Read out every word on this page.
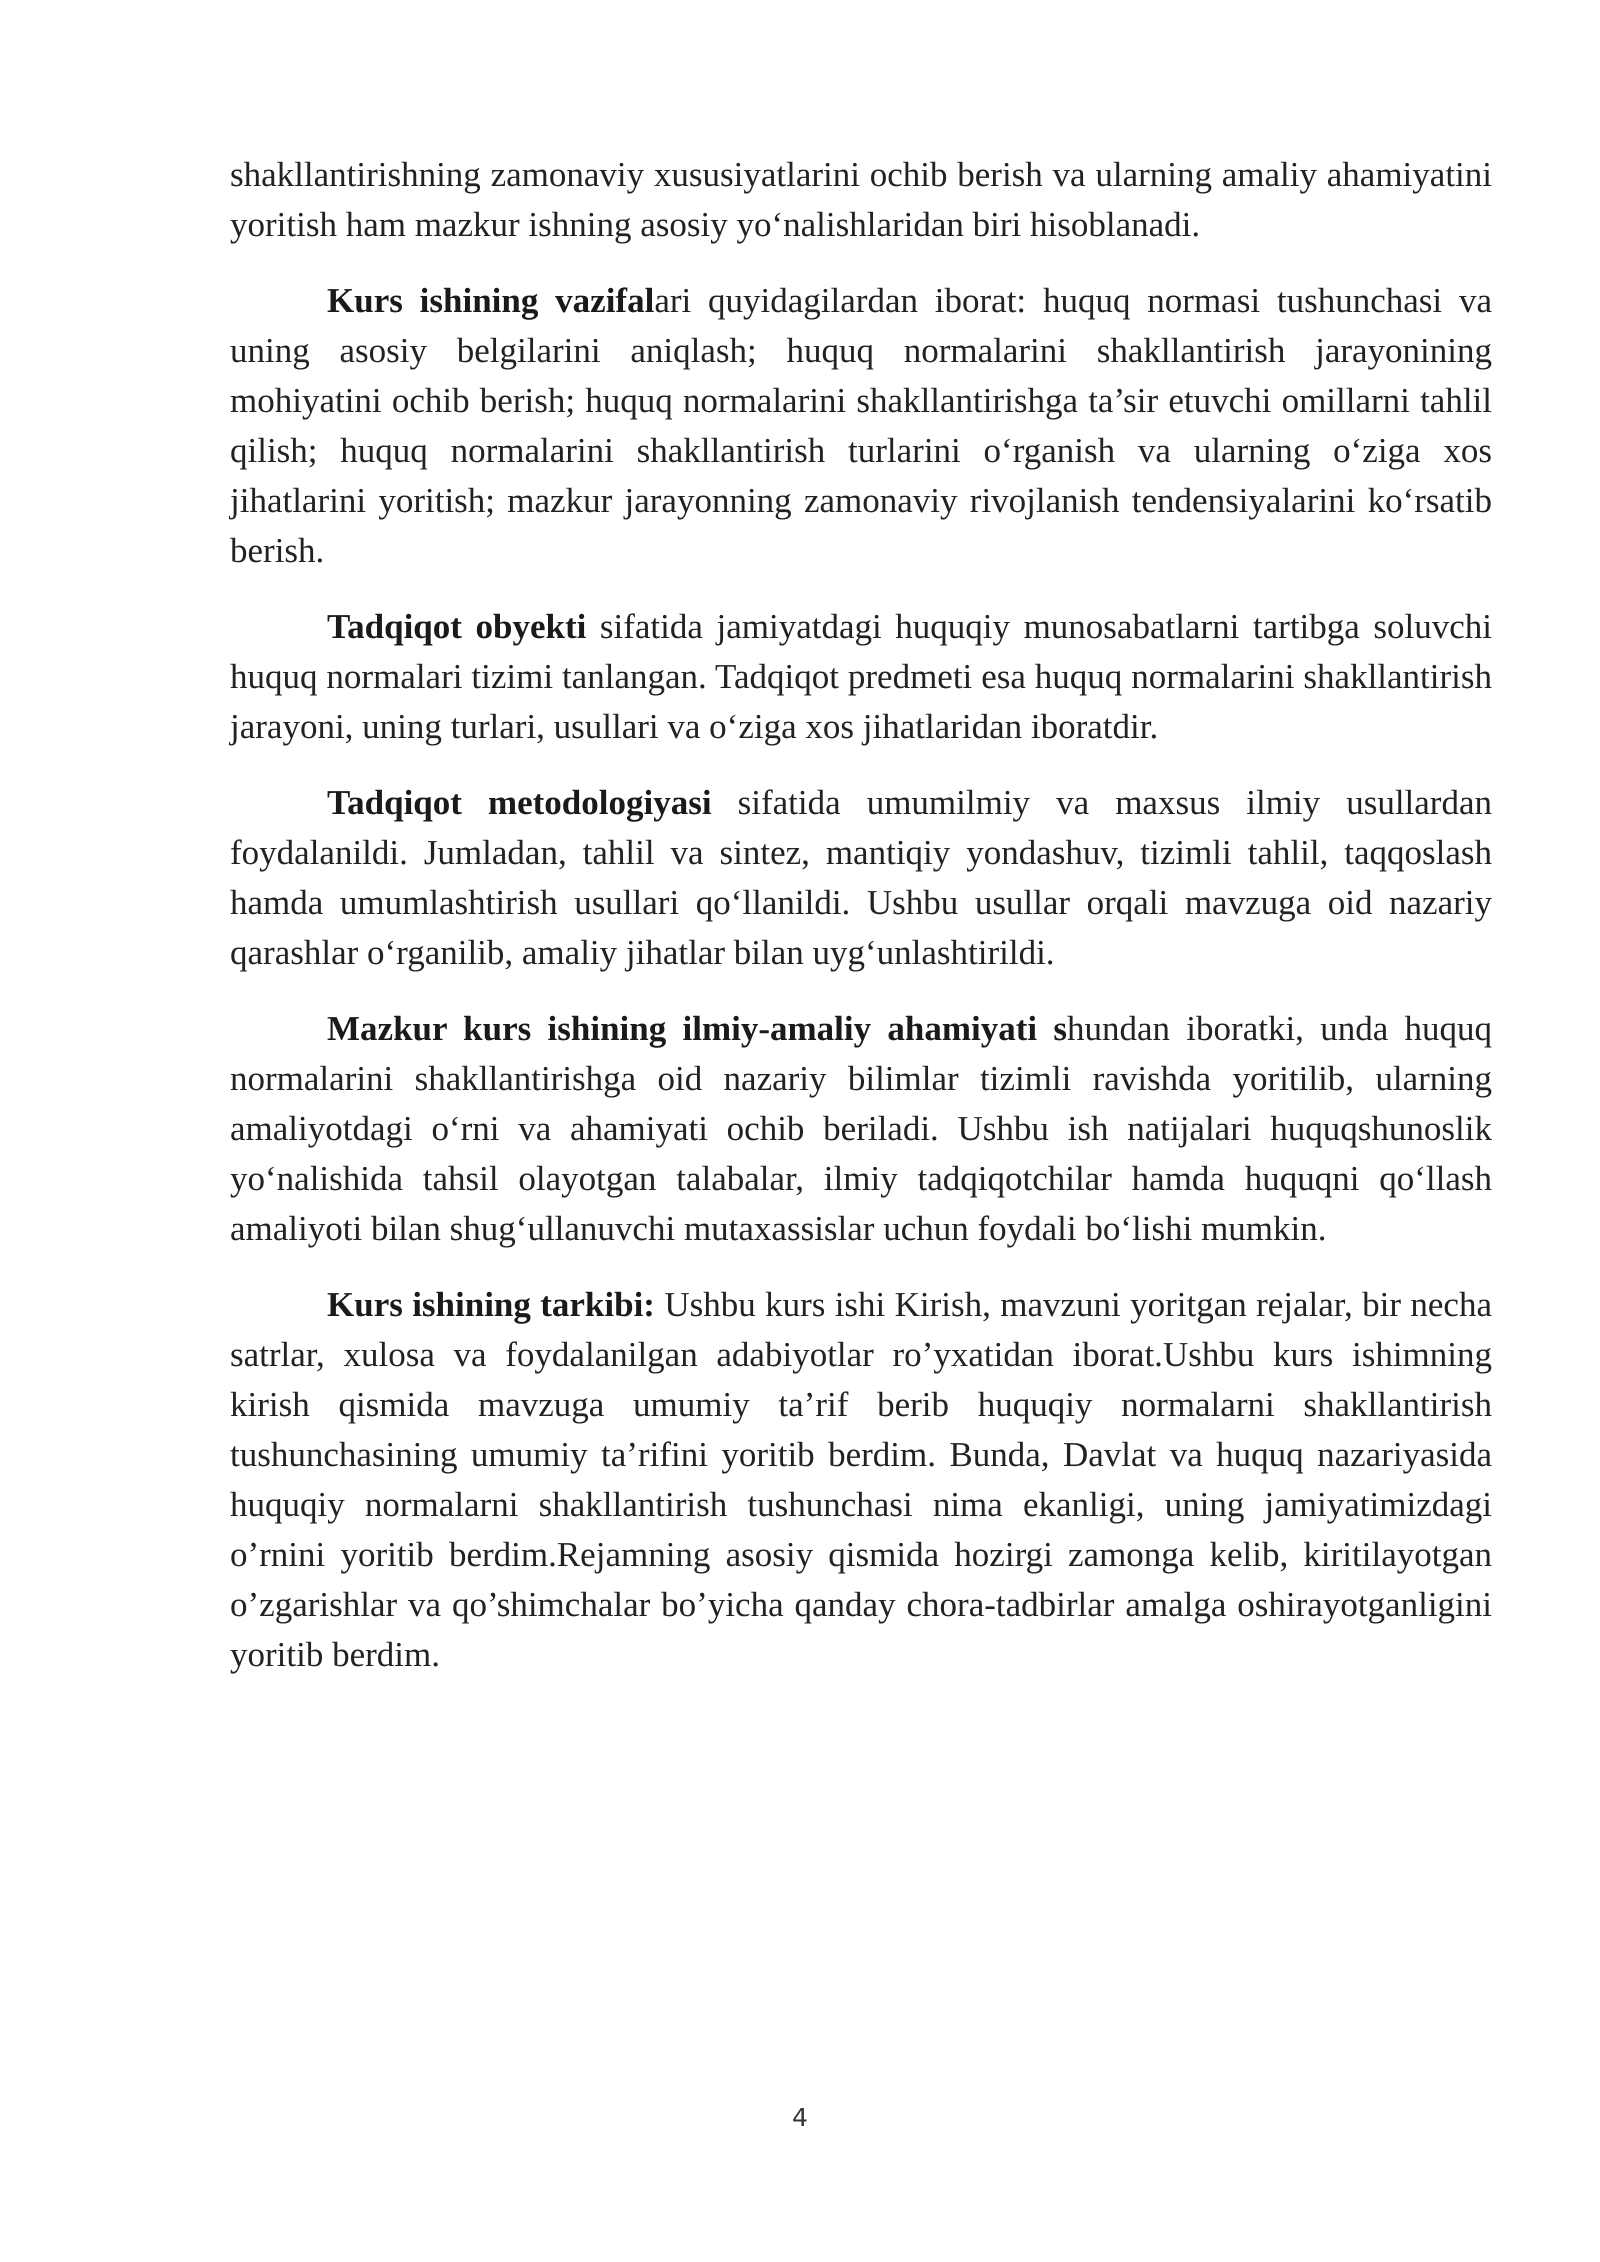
shakllantirishning zamonaviy xususiyatlarini ochib berish va ularning amaliy ahamiyatini yoritish ham mazkur ishning asosiy yo‘nalishlaridan biri hisoblanadi.

Kurs ishining vazifalari quyidagilardan iborat: huquq normasi tushunchasi va uning asosiy belgilarini aniqlash; huquq normalarini shakllantirish jarayonining mohiyatini ochib berish; huquq normalarini shakllantirishga ta’sir etuvchi omillarni tahlil qilish; huquq normalarini shakllantirish turlarini o‘rganish va ularning o‘ziga xos jihatlarini yoritish; mazkur jarayonning zamonaviy rivojlanish tendensiyalarini ko‘rsatib berish.

Tadqiqot obyekti sifatida jamiyatdagi huquqiy munosabatlarni tartibga soluvchi huquq normalari tizimi tanlangan. Tadqiqot predmeti esa huquq normalarini shakllantirish jarayoni, uning turlari, usullari va o‘ziga xos jihatlaridan iboratdir.

Tadqiqot metodologiyasi sifatida umumilmiy va maxsus ilmiy usullardan foydalanildi. Jumladan, tahlil va sintez, mantiqiy yondashuv, tizimli tahlil, taqqoslash hamda umumlashtirish usullari qo‘llanildi. Ushbu usullar orqali mavzuga oid nazariy qarashlar o‘rganilib, amaliy jihatlar bilan uyg‘unlashtirildi.

Mazkur kurs ishining ilmiy-amaliy ahamiyati shundan iboratki, unda huquq normalarini shakllantirishga oid nazariy bilimlar tizimli ravishda yoritilib, ularning amaliyotdagi o‘rni va ahamiyati ochib beriladi. Ushbu ish natijalari huquqshunoslik yo‘nalishida tahsil olayotgan talabalar, ilmiy tadqiqotchilar hamda huquqni qo‘llash amaliyoti bilan shug‘ullanuvchi mutaxassislar uchun foydali bo‘lishi mumkin.

Kurs ishining tarkibi: Ushbu kurs ishi Kirish, mavzuni yoritgan rejalar, bir necha satrlar, xulosa va foydalanilgan adabiyotlar ro’yxatidan iborat.Ushbu kurs ishimning kirish qismida mavzuga umumiy ta’rif berib huquqiy normalarni shakllantirish tushunchasining umumiy ta’rifini yoritib berdim. Bunda, Davlat va huquq nazariyasida huquqiy normalarni shakllantirish tushunchasi nima ekanligi, uning jamiyatimizdagi o’rnini yoritib berdim.Rejamning asosiy qismida hozirgi zamonga kelib, kiritilayotgan o’zgarishlar va qo’shimchalar bo’yicha qanday chora-tadbirlar amalga oshirayotganligini yoritib berdim.

4
